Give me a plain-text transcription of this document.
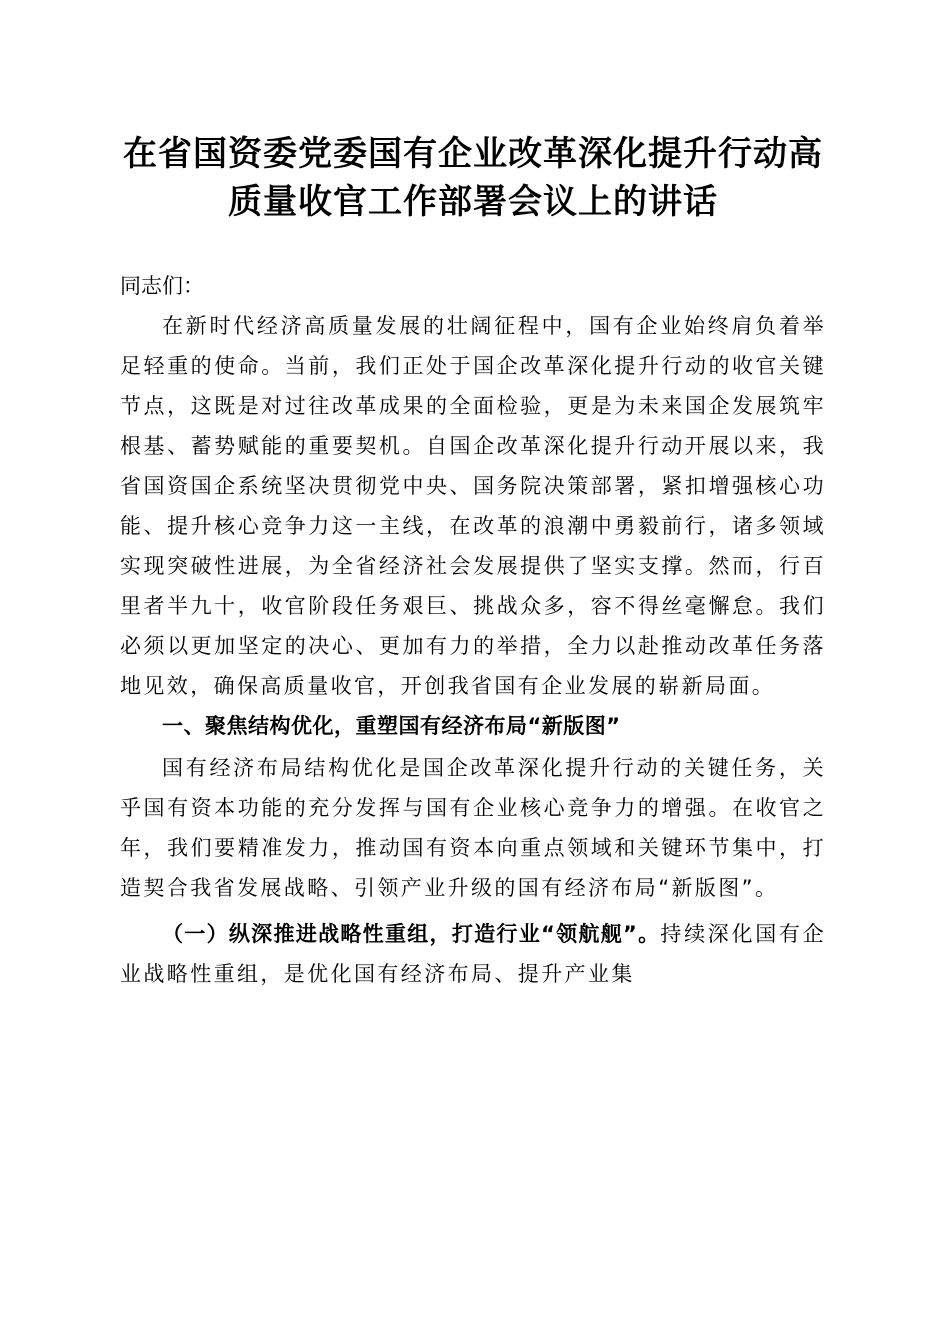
在省国资委党委国有企业改革深化提升行动高
质量收官工作部署会议上的讲话

同志们：

在新时代经济高质量发展的壮阔征程中，国有企业始终肩负着举足轻重的使命。当前，我们正处于国企改革深化提升行动的收官关键节点，这既是对过往改革成果的全面检验，更是为未来国企发展筑牢根基、蓄势赋能的重要契机。自国企改革深化提升行动开展以来，我省国资国企系统坚决贯彻党中央、国务院决策部署，紧扣增强核心功能、提升核心竞争力这一主线，在改革的浪潮中勇毅前行，诸多领域实现突破性进展，为全省经济社会发展提供了坚实支撑。然而，行百里者半九十，收官阶段任务艰巨、挑战众多，容不得丝毫懈怠。我们必须以更加坚定的决心、更加有力的举措，全力以赴推动改革任务落地见效，确保高质量收官，开创我省国有企业发展的崭新局面。

一、聚焦结构优化，重塑国有经济布局“新版图”

国有经济布局结构优化是国企改革深化提升行动的关键任务，关乎国有资本功能的充分发挥与国有企业核心竞争力的增强。在收官之年，我们要精准发力，推动国有资本向重点领域和关键环节集中，打造契合我省发展战略、引领产业升级的国有经济布局“新版图”。

（一）纵深推进战略性重组，打造行业“领航舰”。持续深化国有企业战略性重组，是优化国有经济布局、提升产业集
